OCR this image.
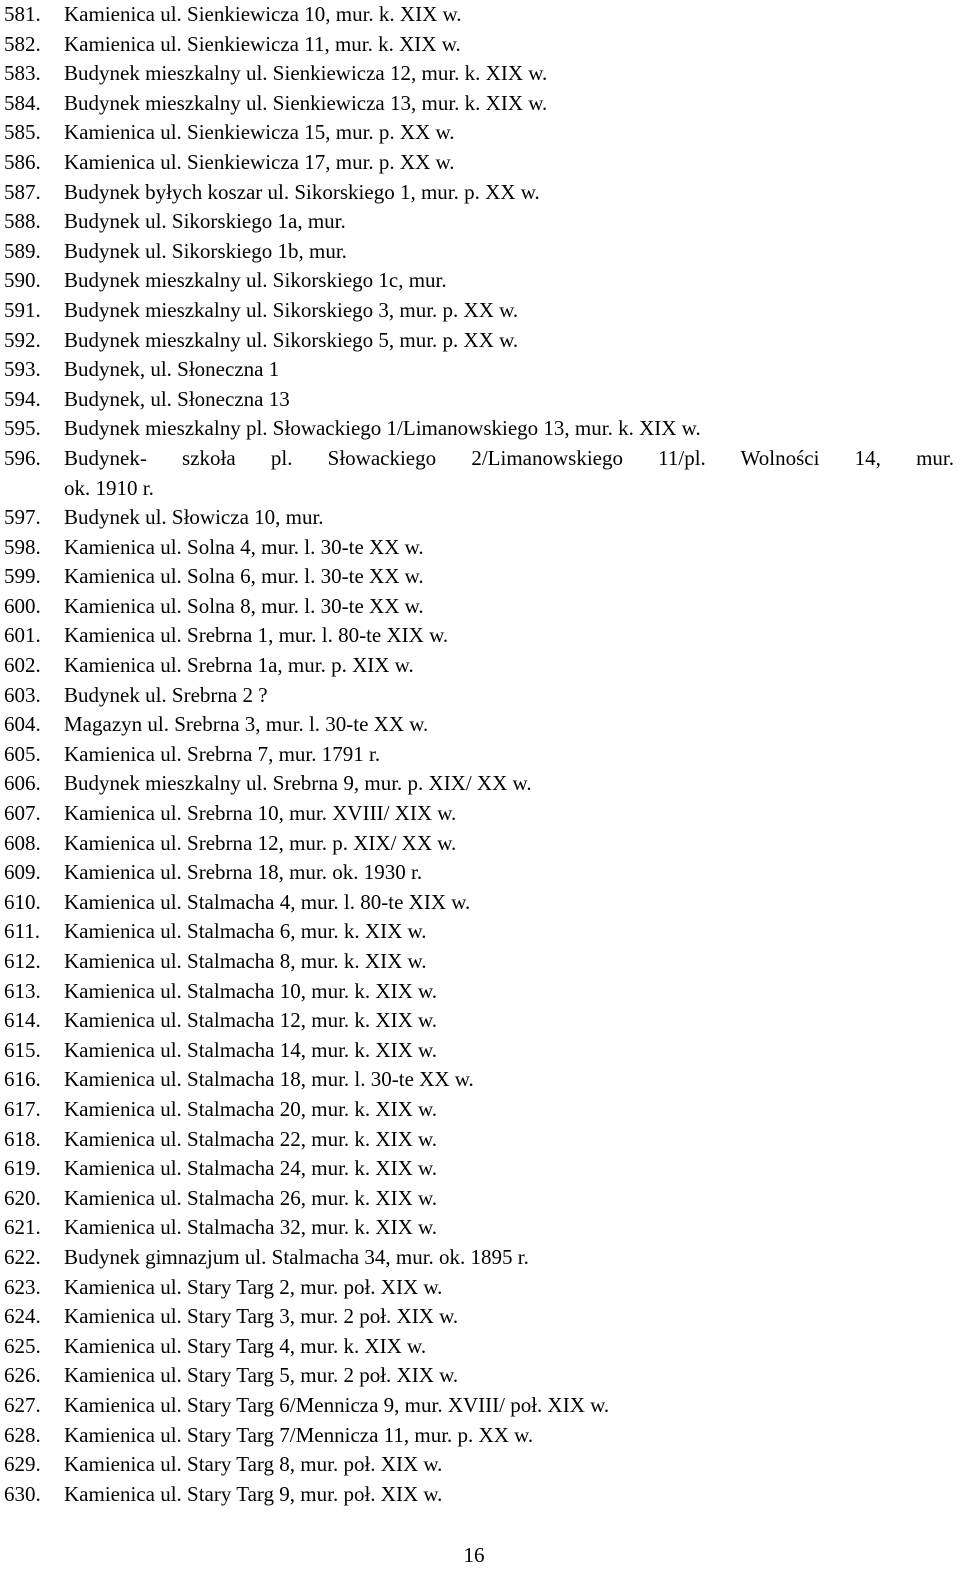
581.	Kamienica ul. Sienkiewicza 10, mur. k. XIX w.
582.	Kamienica ul. Sienkiewicza 11, mur. k. XIX w.
583.	Budynek mieszkalny ul. Sienkiewicza 12, mur. k. XIX w.
584.	Budynek mieszkalny ul. Sienkiewicza 13, mur. k. XIX w.
585.	Kamienica ul. Sienkiewicza 15, mur. p. XX w.
586.	Kamienica ul. Sienkiewicza 17, mur. p. XX w.
587.	Budynek byłych koszar ul. Sikorskiego 1, mur. p. XX w.
588.	Budynek ul. Sikorskiego 1a, mur.
589.	Budynek ul. Sikorskiego 1b, mur.
590.	Budynek mieszkalny ul. Sikorskiego 1c, mur.
591.	Budynek mieszkalny ul. Sikorskiego 3, mur. p. XX w.
592.	Budynek mieszkalny ul. Sikorskiego 5, mur. p. XX w.
593.	Budynek, ul. Słoneczna 1
594.	Budynek, ul. Słoneczna 13
595.	Budynek mieszkalny pl. Słowackiego 1/Limanowskiego 13, mur. k. XIX w.
596.	Budynek- szkoła pl. Słowackiego 2/Limanowskiego 11/pl. Wolności 14, mur.
ok. 1910 r.
597.	Budynek ul. Słowicza 10, mur.
598.	Kamienica ul. Solna 4, mur. l. 30-te XX w.
599.	Kamienica ul. Solna 6, mur. l. 30-te XX w.
600.	Kamienica ul. Solna 8, mur. l. 30-te XX w.
601.	Kamienica ul. Srebrna 1, mur. l. 80-te XIX w.
602.	Kamienica ul. Srebrna 1a, mur. p. XIX w.
603.	Budynek ul. Srebrna 2 ?
604.	Magazyn ul. Srebrna 3, mur. l. 30-te XX w.
605.	Kamienica ul. Srebrna 7, mur. 1791 r.
606.	Budynek mieszkalny ul. Srebrna 9, mur. p. XIX/ XX w.
607.	Kamienica ul. Srebrna 10, mur. XVIII/ XIX w.
608.	Kamienica ul. Srebrna 12, mur. p. XIX/ XX w.
609.	Kamienica ul. Srebrna 18, mur. ok. 1930 r.
610.	Kamienica ul. Stalmacha 4, mur. l. 80-te XIX w.
611.	Kamienica ul. Stalmacha 6, mur. k. XIX w.
612.	Kamienica ul. Stalmacha 8, mur. k. XIX w.
613.	Kamienica ul. Stalmacha 10, mur. k. XIX w.
614.	Kamienica ul. Stalmacha 12, mur. k. XIX w.
615.	Kamienica ul. Stalmacha 14, mur. k. XIX w.
616.	Kamienica ul. Stalmacha 18, mur. l. 30-te XX w.
617.	Kamienica ul. Stalmacha 20, mur. k. XIX w.
618.	Kamienica ul. Stalmacha 22, mur. k. XIX w.
619.	Kamienica ul. Stalmacha 24, mur. k. XIX w.
620.	Kamienica ul. Stalmacha 26, mur. k. XIX w.
621.	Kamienica ul. Stalmacha 32, mur. k. XIX w.
622.	Budynek gimnazjum ul. Stalmacha 34, mur. ok. 1895 r.
623.	Kamienica ul. Stary Targ 2, mur. poł. XIX w.
624.	Kamienica ul. Stary Targ 3, mur. 2 poł. XIX w.
625.	Kamienica ul. Stary Targ 4, mur. k. XIX w.
626.	Kamienica ul. Stary Targ 5, mur. 2 poł. XIX w.
627.	Kamienica ul. Stary Targ 6/Mennicza 9, mur. XVIII/ poł. XIX w.
628.	Kamienica ul. Stary Targ 7/Mennicza 11, mur. p. XX w.
629.	Kamienica ul. Stary Targ 8, mur. poł. XIX w.
630.	Kamienica ul. Stary Targ 9, mur. poł. XIX w.
16
